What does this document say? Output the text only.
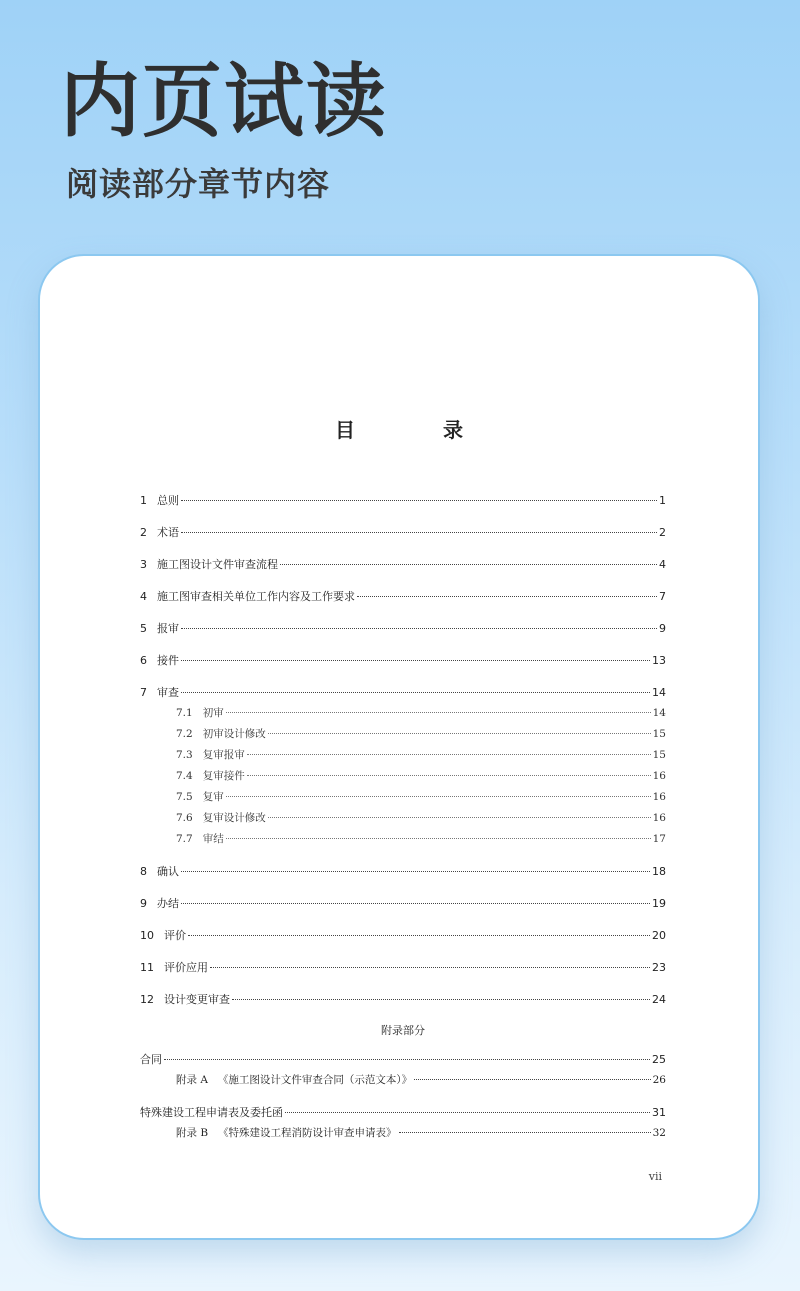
内页试读
阅读部分章节内容
目　录
1 总则	1
2 术语	2
3 施工图设计文件审查流程	4
4 施工图审查相关单位工作内容及工作要求	7
5 报审	9
6 接件	13
7 审查	14
7.1 初审	14
7.2 初审设计修改	15
7.3 复审报审	15
7.4 复审接件	16
7.5 复审	16
7.6 复审设计修改	16
7.7 审结	17
8 确认	18
9 办结	19
10 评价	20
11 评价应用	23
12 设计变更审查	24
附录部分
合同	25
附录 A 《施工图设计文件审查合同（示范文本）》	26
特殊建设工程申请表及委托函	31
附录 B 《特殊建设工程消防设计审查申请表》	32
vii
